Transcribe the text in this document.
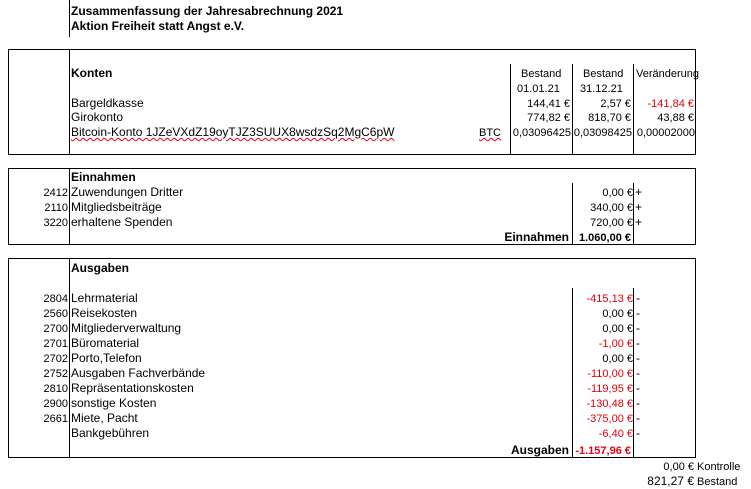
Zusammenfassung der Jahresabrechnung 2021
Aktion Freiheit statt Angst e.V.
Konten	Bestand Bestand Veränderung
01.01.21 31.12.21
Bargeldkasse	144,41 €	2,57 €	-141,84 €
Girokonto	774,82 €	818,70 €	43,88 €
Bitcoin-Konto 1JZeVXdZ19oyTJZ3SUUX8wsdzSq2MgC6pW	BTC 0,03096425 0,03098425 0,00002000
Einnahmen
2412 Zuwendungen Dritter	0,00 € +
2110 Mitgliedsbeiträge	340,00 € +
3220 erhaltene Spenden	720,00 € +
Einnahmen 1.060,00 €
Ausgaben
2804 Lehrmaterial	-415,13 € -
2560 Reisekosten	0,00 € -
2700 Mitgliederverwaltung	0,00 € -
2701 Büromaterial	-1,00 € -
2702 Porto,Telefon	0,00 € -
2752 Ausgaben Fachverbände	-110,00 € -
2810 Repräsentationskosten	-119,95 € -
2900 sonstige Kosten	-130,48 € -
2661 Miete, Pacht	-375,00 € -
Bankgebühren	-6,40 € -
Ausgaben -1.157,96 €
0,00 € Kontrolle
821,27 € Bestand
